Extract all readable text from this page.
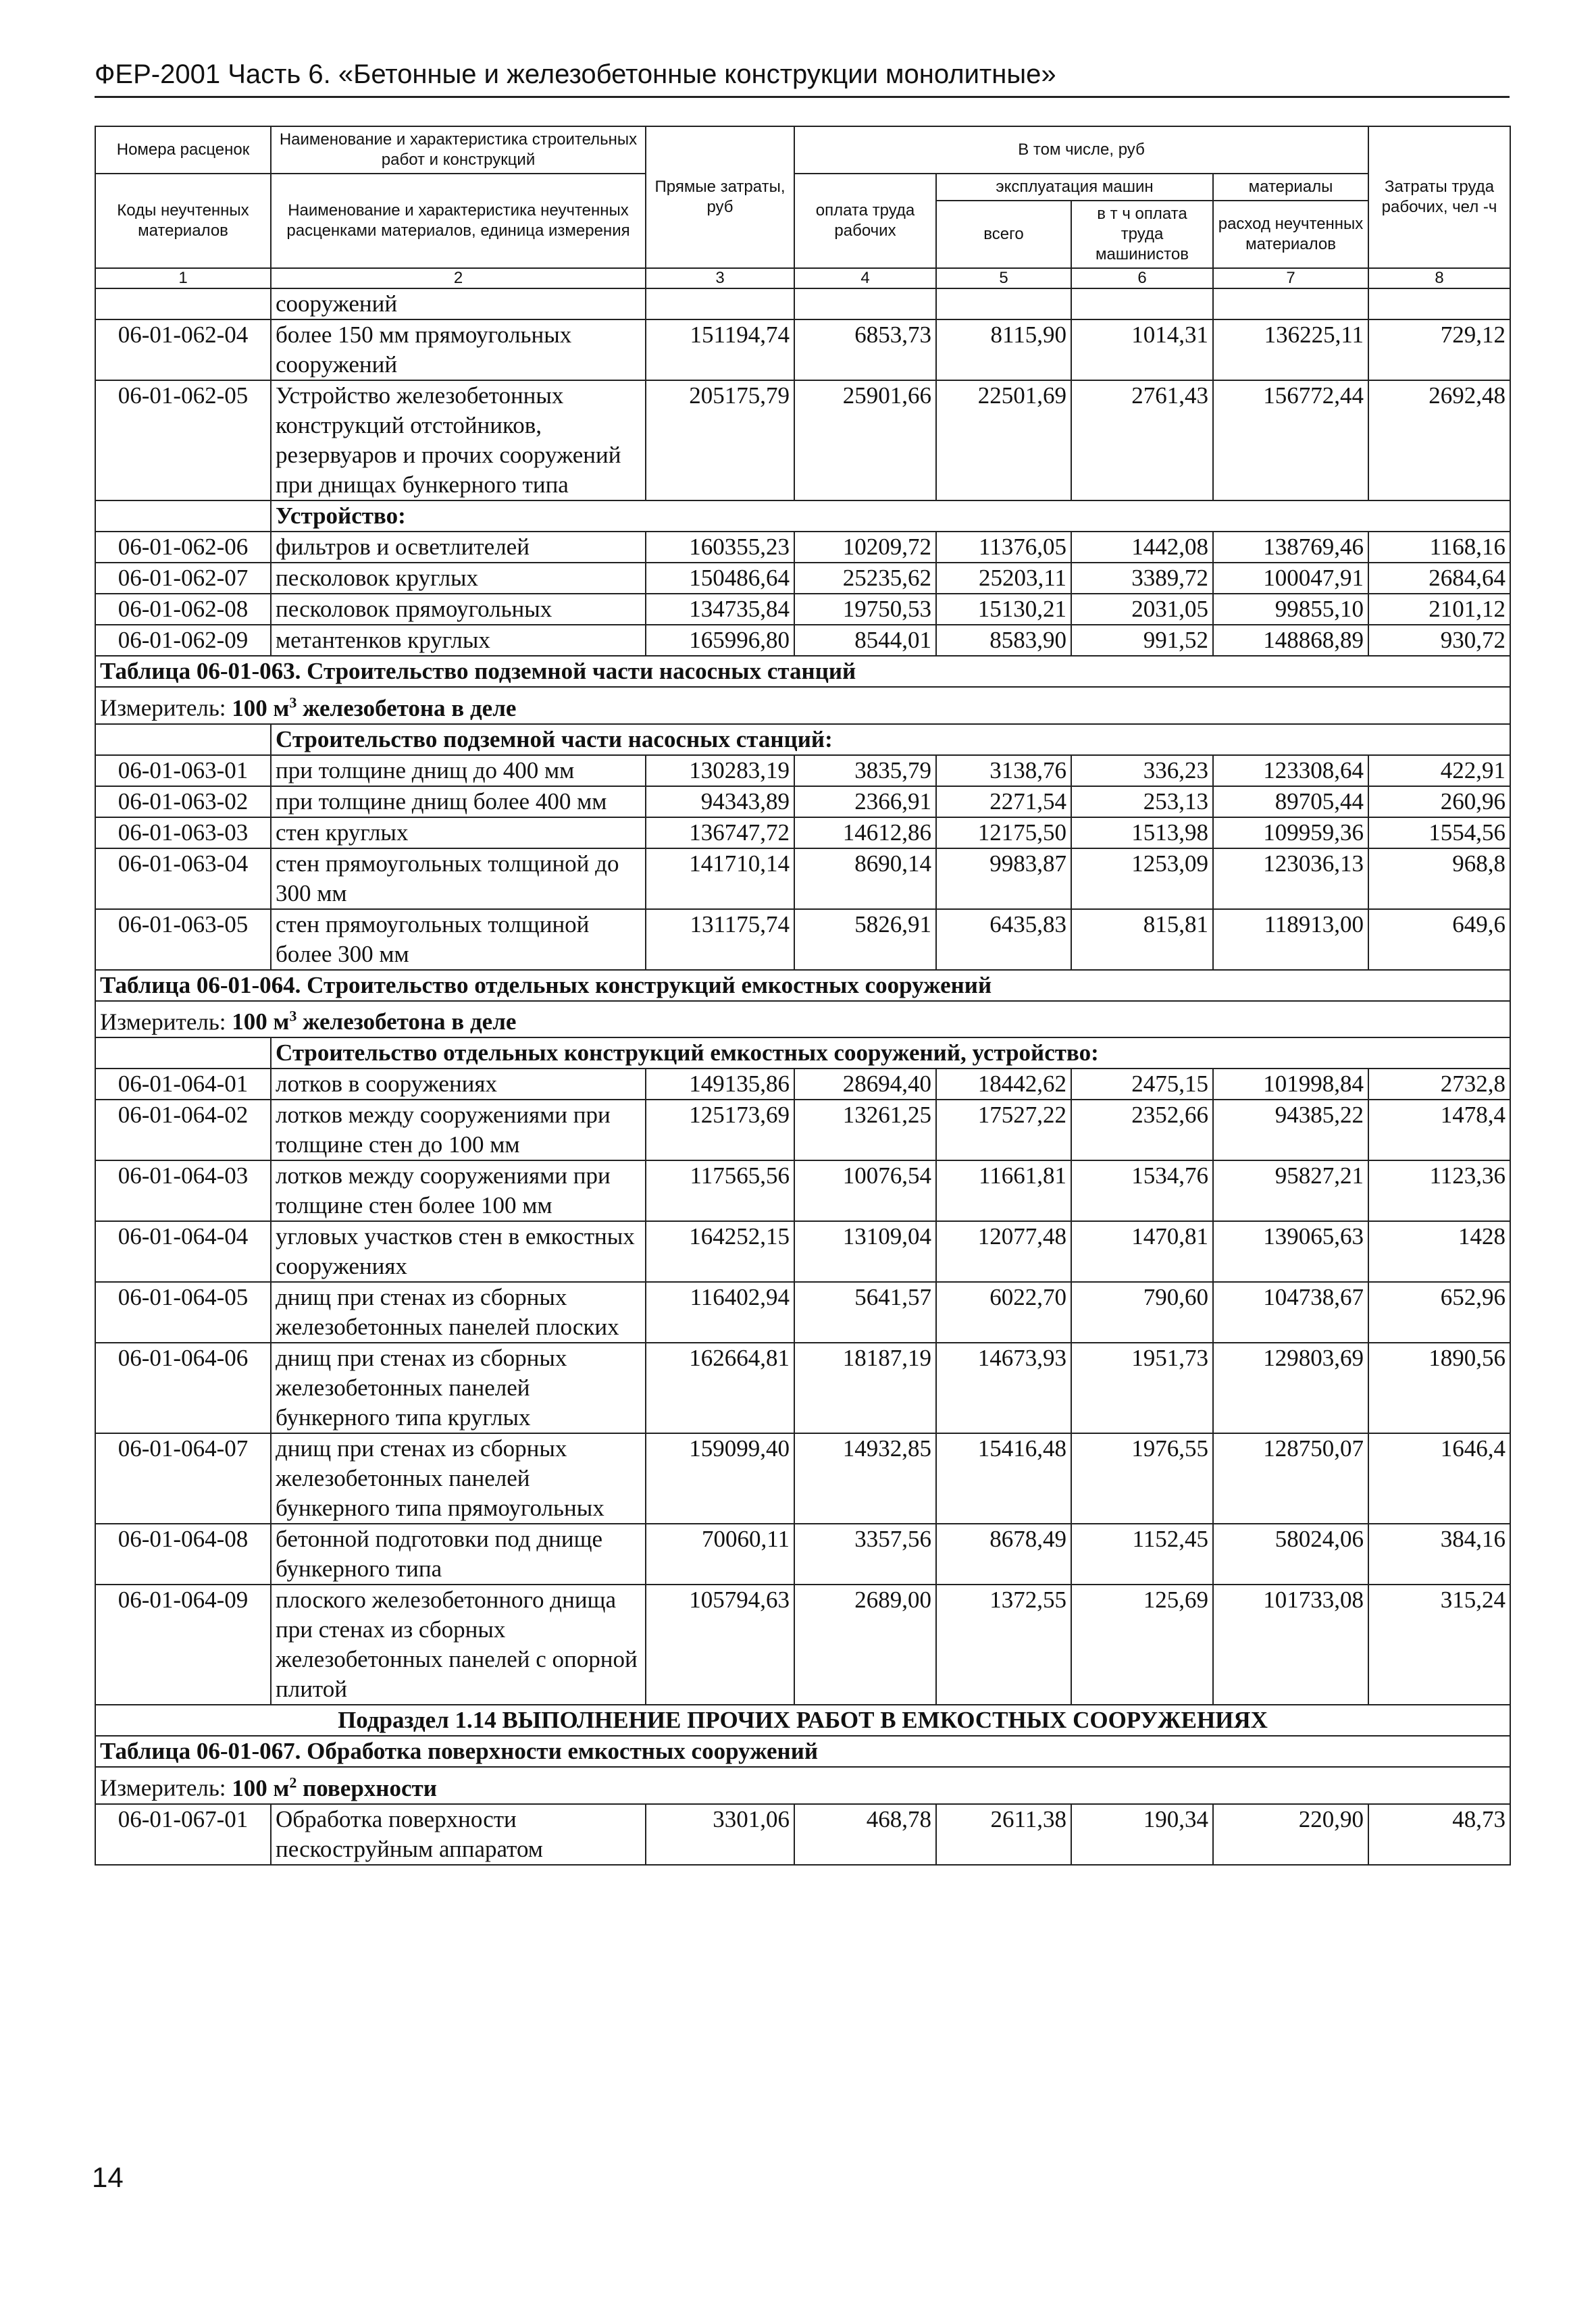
ФЕР-2001 Часть 6. «Бетонные и железобетонные конструкции монолитные»
Номера расценок	Наименование и характеристика строительных работ и конструкций	Прямые затраты, руб	В том числе, руб				Затраты труда рабочих, чел -ч
Коды неучтенных материалов	Наименование и характеристика неучтенных расценками материалов, единица измерения		оплата труда рабочих	эксплуатация машин		материалы	
				всего	в т ч оплата труда машинистов	расход неучтенных материалов	
1	2	3	4	5	6	7	8
	сооружений						
06-01-062-04	более 150 мм прямоугольных сооружений	151194,74	6853,73	8115,90	1014,31	136225,11	729,12
06-01-062-05	Устройство железобетонных конструкций отстойников, резервуаров и прочих сооружений при днищах бункерного типа	205175,79	25901,66	22501,69	2761,43	156772,44	2692,48
	Устройство:						
06-01-062-06	фильтров и осветлителей	160355,23	10209,72	11376,05	1442,08	138769,46	1168,16
06-01-062-07	песколовок круглых	150486,64	25235,62	25203,11	3389,72	100047,91	2684,64
06-01-062-08	песколовок прямоугольных	134735,84	19750,53	15130,21	2031,05	99855,10	2101,12
06-01-062-09	метантенков круглых	165996,80	8544,01	8583,90	991,52	148868,89	930,72
Таблица 06-01-063. Строительство подземной части насосных станций							
Измеритель: 100 $м^3$ железобетона в деле							
	Строительство подземной части насосных станций:						
06-01-063-01	при толщине днищ до 400 мм	130283,19	3835,79	3138,76	336,23	123308,64	422,91
06-01-063-02	при толщине днищ более 400 мм	94343,89	2366,91	2271,54	253,13	89705,44	260,96
06-01-063-03	стен круглых	136747,72	14612,86	12175,50	1513,98	109959,36	1554,56
06-01-063-04	стен прямоугольных толщиной до 300 мм	141710,14	8690,14	9983,87	1253,09	123036,13	968,8
06-01-063-05	стен прямоугольных толщиной более 300 мм	131175,74	5826,91	6435,83	815,81	118913,00	649,6
Таблица 06-01-064. Строительство отдельных конструкций емкостных сооружений							
Измеритель: 100 $м^3$ железобетона в деле							
	Строительство отдельных конструкций емкостных сооружений, устройство:						
06-01-064-01	лотков в сооружениях	149135,86	28694,40	18442,62	2475,15	101998,84	2732,8
06-01-064-02	лотков между сооружениями при толщине стен до 100 мм	125173,69	13261,25	17527,22	2352,66	94385,22	1478,4
06-01-064-03	лотков между сооружениями при толщине стен более 100 мм	117565,56	10076,54	11661,81	1534,76	95827,21	1123,36
06-01-064-04	угловых участков стен в емкостных сооружениях	164252,15	13109,04	12077,48	1470,81	139065,63	1428
06-01-064-05	днищ при стенах из сборных железобетонных панелей плоских	116402,94	5641,57	6022,70	790,60	104738,67	652,96
06-01-064-06	днищ при стенах из сборных железобетонных панелей бункерного типа круглых	162664,81	18187,19	14673,93	1951,73	129803,69	1890,56
06-01-064-07	днищ при стенах из сборных железобетонных панелей бункерного типа прямоугольных	159099,40	14932,85	15416,48	1976,55	128750,07	1646,4
06-01-064-08	бетонной подготовки под днище бункерного типа	70060,11	3357,56	8678,49	1152,45	58024,06	384,16
06-01-064-09	плоского железобетонного днища при стенах из сборных железобетонных панелей с опорной плитой	105794,63	2689,00	1372,55	125,69	101733,08	315,24
Подраздел 1.14 ВЫПОЛНЕНИЕ ПРОЧИХ РАБОТ В ЕМКОСТНЫХ СООРУЖЕНИЯХ							
Таблица 06-01-067. Обработка поверхности емкостных сооружений							
Измеритель: 100 $м^2$ поверхности							
06-01-067-01	Обработка поверхности пескоструйным аппаратом	3301,06	468,78	2611,38	190,34	220,90	48,73
14
